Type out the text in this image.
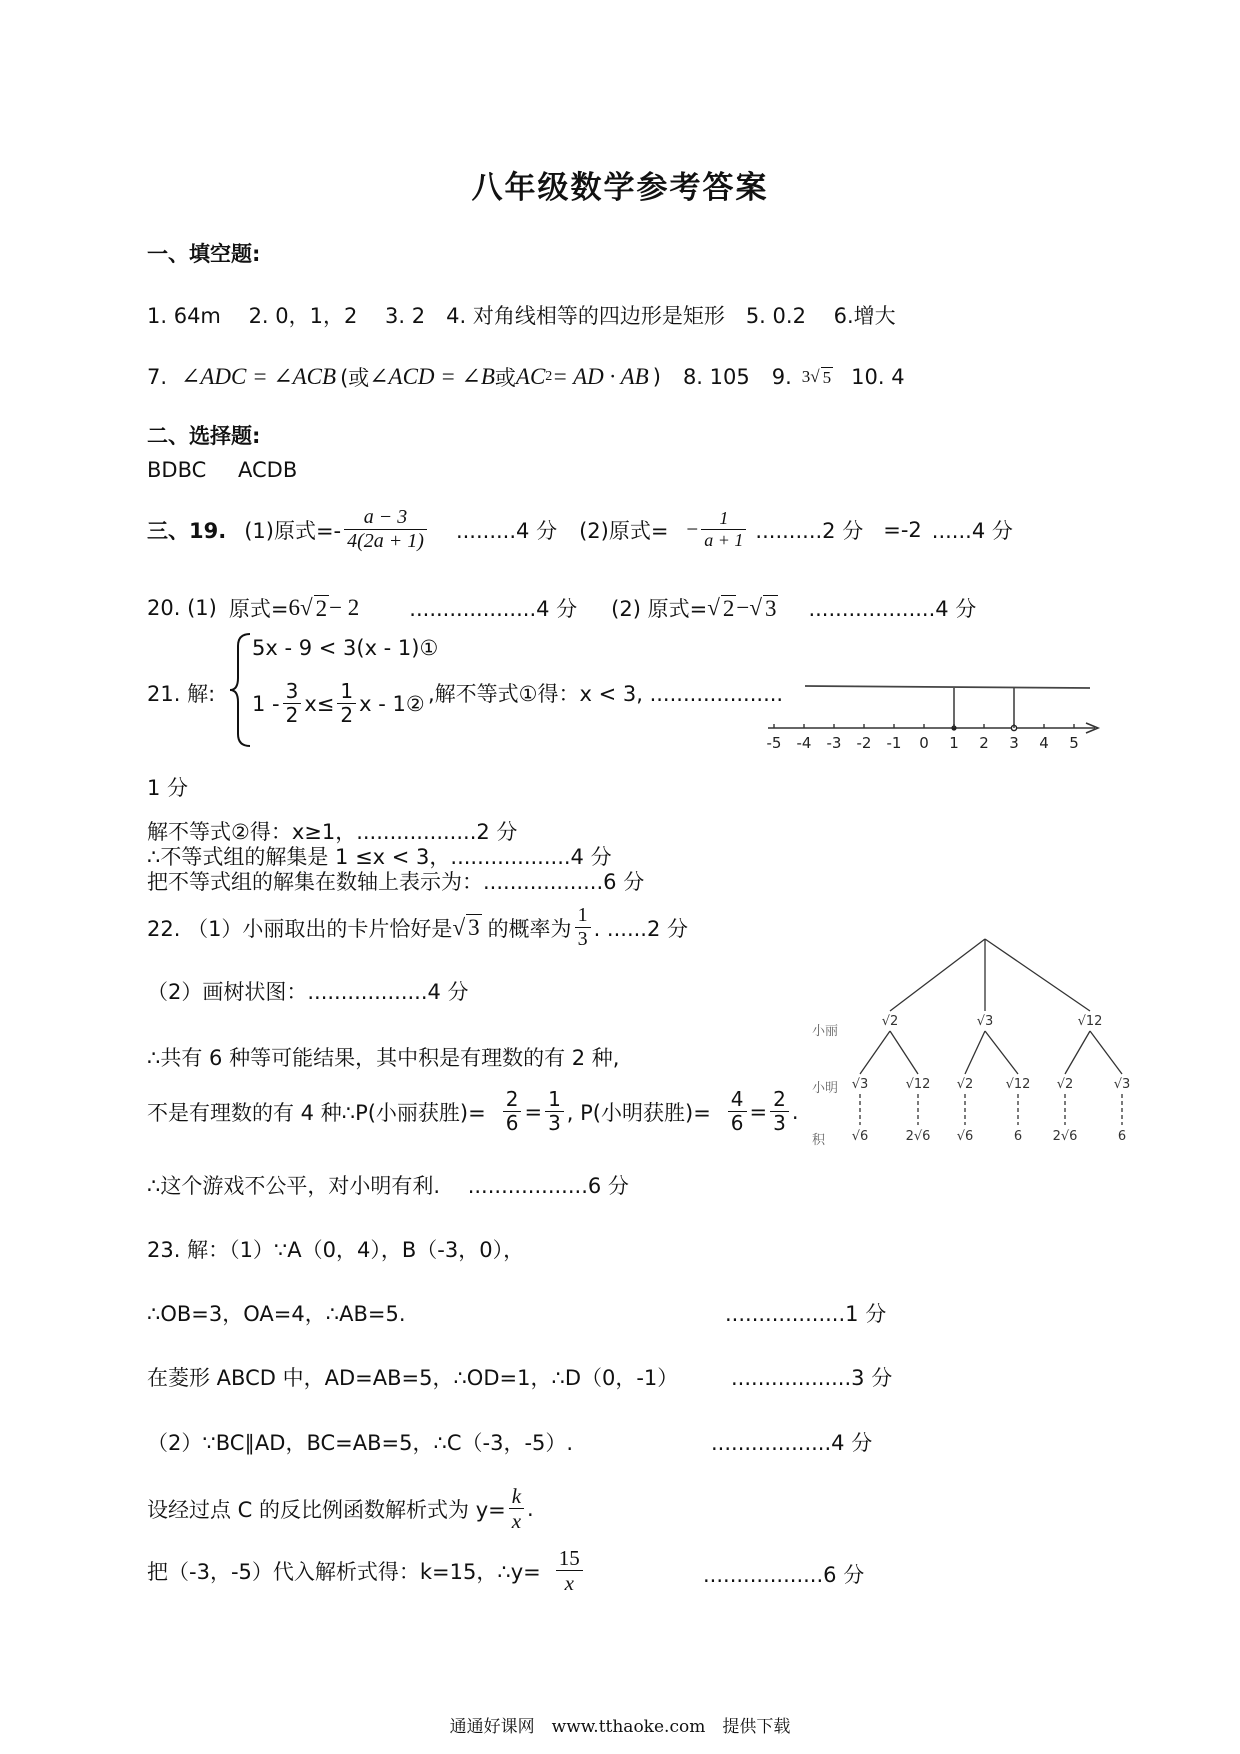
八年级数学参考答案
一、填空题:
1. 64m　 2. 0，1，2　 3. 2　4. 对角线相等的四边形是矩形　5. 0.2　 6.增大
7. ∠ADC = ∠ACB (或 ∠ACD = ∠B 或 AC 2 = AD · AB ) 8. 105 9. 3 √ 5 10. 4
二、选择题:
BDBC ACDB
三、19. (1)原式=- $\frac{a - 3}{4(2a + 1)} .........4$ 分 (2)原式= − $\frac{1}{a + 1} ..........2$ 分 =-2 ......4 分
20. (1) 原式= 6 √ 2 − 2 ...................4 分 (2) 原式= √ 2 − √ 3 ...................4 分
21. 解:
5x - 9 < 3(x - 1)①
$1 - \frac{3}{2} x\le \frac{1}{2}$ x - 1② ,解不等式①得：x < 3, ....................
-5 -4 -3 -2 -1 0 1 2 3 4 5
1 分
解不等式②得：x≥1，..................2 分
∴不等式组的解集是 1 ≤x < 3，..................4 分
把不等式组的解集在数轴上表示为：..................6 分
22. （1）小丽取出的卡片恰好是 √ 3 的概率为 $\frac{1}{3}$ . ......2 分
（2）画树状图：..................4 分
∴共有 6 种等可能结果，其中积是有理数的有 2 种,
不是有理数的有 4 种∴P(小丽获胜)= $\frac{2}{6} = \frac{1}{3}$ , P(小明获胜)= $\frac{4}{6} = \frac{2}{3}$ .
∴这个游戏不公平，对小明有利.　 ..................6 分
小丽
小明
积
√2	√3	√12
√3	√12 √2 √12 √2	√3
√6	2√6 √6	6 2√6	6
23. 解：（1）∵A（0，4），B（-3，0），
∴OB=3，OA=4，∴AB=5.	..................1 分
在菱形 ABCD 中，AD=AB=5，∴OD=1，∴D（0，-1）	..................3 分
（2）∵BC∥AD，BC=AB=5，∴C（-3，-5）.	..................4 分
设经过点 C 的反比例函数解析式为 $y= \frac{k}{x}$ .
把（-3，-5）代入解析式得：k=15，∴y= $\frac{15}{x}$	..................6 分
通通好课网　www.tthaoke.com　提供下载
